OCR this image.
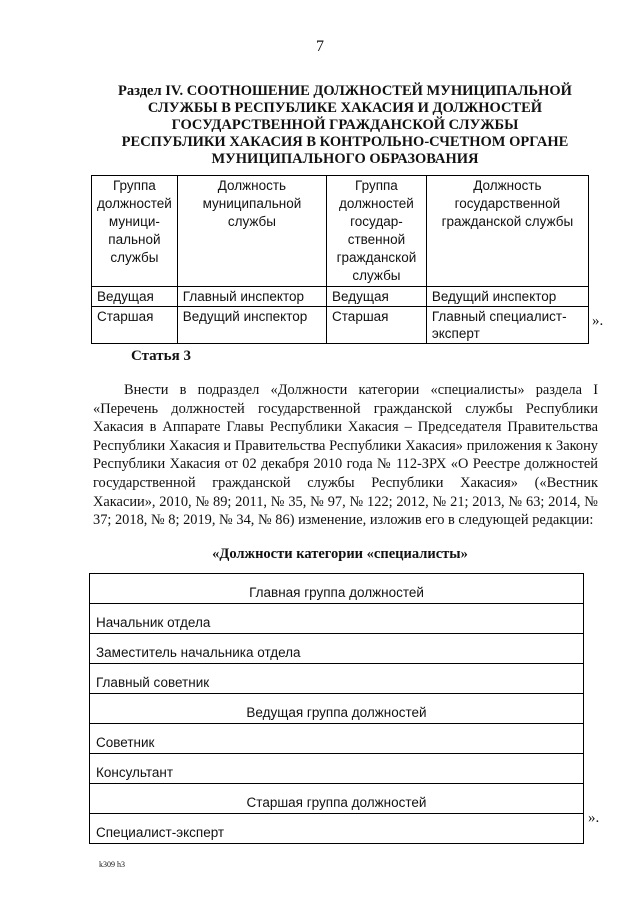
7
Раздел IV. СООТНОШЕНИЕ ДОЛЖНОСТЕЙ МУНИЦИПАЛЬНОЙ
СЛУЖБЫ В РЕСПУБЛИКЕ ХАКАСИЯ И ДОЛЖНОСТЕЙ
ГОСУДАРСТВЕННОЙ ГРАЖДАНСКОЙ СЛУЖБЫ
РЕСПУБЛИКИ ХАКАСИЯ В КОНТРОЛЬНО-СЧЕТНОМ ОРГАНЕ
МУНИЦИПАЛЬНОГО ОБРАЗОВАНИЯ
Группа должностей муници-пальной службы	Должность муниципальной службы	Группа должностей государ-ственной гражданской службы	Должность государственной гражданской службы
Ведущая	Главный инспектор	Ведущая	Ведущий инспектор
Старшая	Ведущий инспектор	Старшая	Главный специалист-эксперт
».
Статья 3

Внести в подраздел «Должности категории «специалисты» раздела I «Перечень должностей государственной гражданской службы Республики Хакасия в Аппарате Главы Республики Хакасия – Председателя Правительства Республики Хакасия и Правительства Республики Хакасия» приложения к Закону Республики Хакасия от 02 декабря 2010 года № 112-ЗРХ «О Реестре должностей государственной гражданской службы Республики Хакасия» («Вестник Хакасии», 2010, № 89; 2011, № 35, № 97, № 122; 2012, № 21; 2013, № 63; 2014, № 37; 2018, № 8; 2019, № 34, № 86) изменение, изложив его в следующей редакции:

«Должности категории «специалисты»
Главная группа должностей
Начальник отдела
Заместитель начальника отдела
Главный советник
Ведущая группа должностей
Советник
Консультант
Старшая группа должностей
Специалист-эксперт
».
k309 h3
